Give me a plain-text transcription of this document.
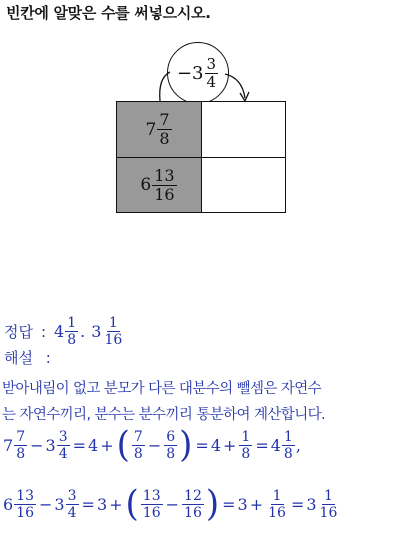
빈칸에 알맞은 수를 써넣으시오.
− $3 \frac{3}{4}$
$7 \frac{7}{8}$
$6 \frac{13}{16}$
정답 : $4 \frac{1}{8}$ . $3 \frac{1}{16}$
해설 :
받아내림이 없고 분모가 다른 대분수의 뺄셈은 자연수
는 자연수끼리, 분수는 분수끼리 통분하여 계산합니다.
$7 \frac{7}{8} - 3 \frac{3}{4} = 4$ + ( $\frac{7}{8} - \frac{6}{8}$ ) = $4 + \frac{1}{8} = 4 \frac{1}{8}$ ,
$6 \frac{13}{16} - 3 \frac{3}{4} = 3$ + ( $\frac{13}{16} - \frac{12}{16}$ ) = $3 + \frac{1}{16} = 3 \frac{1}{16}$
